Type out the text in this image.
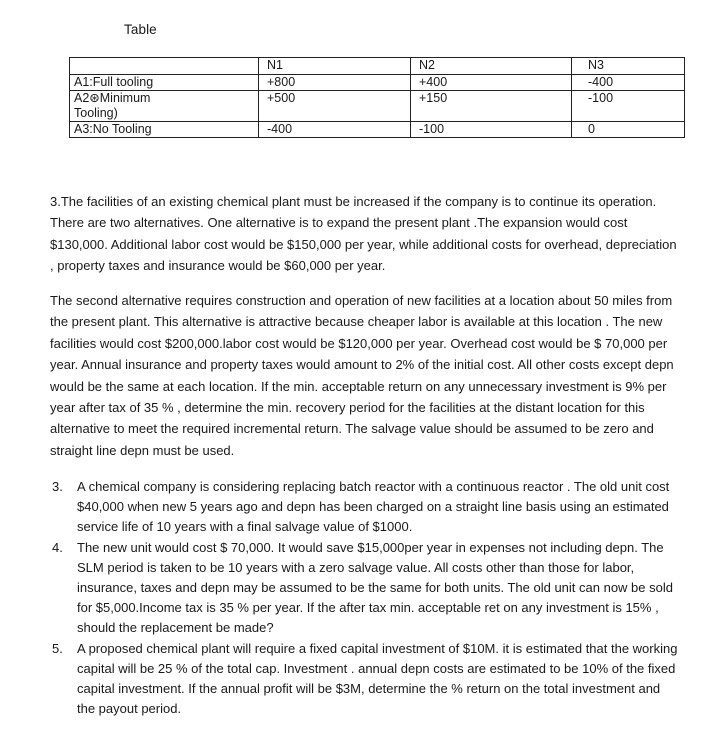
Table
	N1	N2	N3

A1:Full tooling	+800	+400	-400

A2⊛Minimum
Tooling)	+500	+150	-100

A3:No Tooling	-400	-100	0

3.The facilities of an existing chemical plant must be increased if the company is to continue its operation. There are two alternatives. One alternative is to expand the present plant .The expansion would cost $130,000. Additional labor cost would be $150,000 per year, while additional costs for overhead, depreciation , property taxes and insurance would be $60,000 per year.

The second alternative requires construction and operation of new facilities at a location about 50 miles from the present plant. This alternative is attractive because cheaper labor is available at this location . The new facilities would cost $200,000.labor cost would be $120,000 per year. Overhead cost would be $ 70,000 per year. Annual insurance and property taxes would amount to 2% of the initial cost. All other costs except depn would be the same at each location. If the min. acceptable return on any unnecessary investment is 9% per year after tax of 35 % , determine the min. recovery period for the facilities at the distant location for this alternative to meet the required incremental return. The salvage value should be assumed to be zero and straight line depn must be used.

3. A chemical company is considering replacing batch reactor with a continuous reactor . The old unit cost $40,000 when new 5 years ago and depn has been charged on a straight line basis using an estimated service life of 10 years with a final salvage value of $1000.
4. The new unit would cost $ 70,000. It would save $15,000per year in expenses not including depn. The SLM period is taken to be 10 years with a zero salvage value. All costs other than those for labor, insurance, taxes and depn may be assumed to be the same for both units. The old unit can now be sold for $5,000.Income tax is 35 % per year. If the after tax min. acceptable ret on any investment is 15% , should the replacement be made?
5. A proposed chemical plant will require a fixed capital investment of $10M. it is estimated that the working capital will be 25 % of the total cap. Investment . annual depn costs are estimated to be 10% of the fixed capital investment. If the annual profit will be $3M, determine the % return on the total investment and the payout period.
